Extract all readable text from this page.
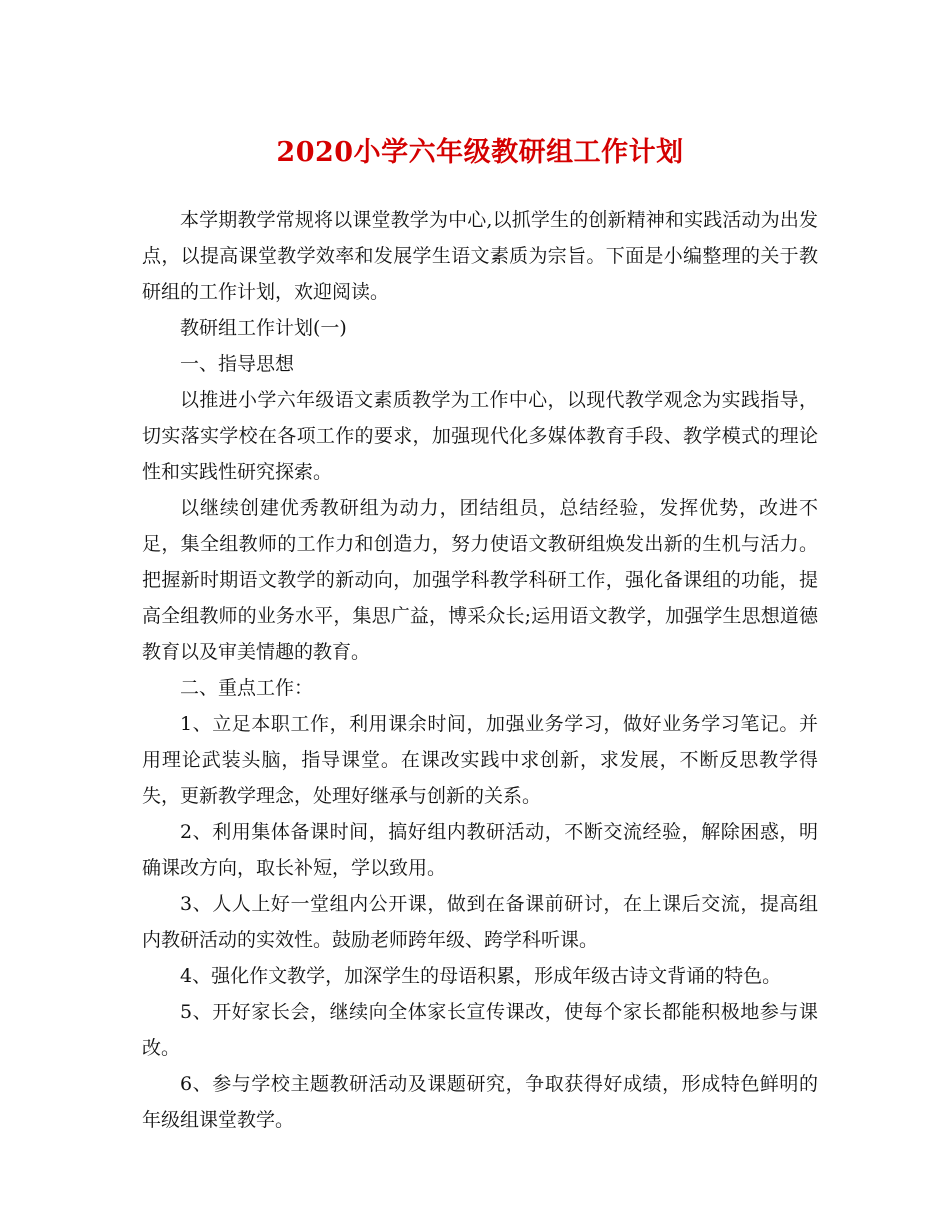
2020小学六年级教研组工作计划

本学期教学常规将以课堂教学为中心,以抓学生的创新精神和实践活动为出发点，以提高课堂教学效率和发展学生语文素质为宗旨。下面是小编整理的关于教研组的工作计划，欢迎阅读。

教研组工作计划(一)

一、指导思想

以推进小学六年级语文素质教学为工作中心，以现代教学观念为实践指导，切实落实学校在各项工作的要求，加强现代化多媒体教育手段、教学模式的理论性和实践性研究探索。

以继续创建优秀教研组为动力，团结组员，总结经验，发挥优势，改进不足，集全组教师的工作力和创造力，努力使语文教研组焕发出新的生机与活力。把握新时期语文教学的新动向，加强学科教学科研工作，强化备课组的功能，提高全组教师的业务水平，集思广益，博采众长;运用语文教学，加强学生思想道德教育以及审美情趣的教育。

二、重点工作：

1、立足本职工作，利用课余时间，加强业务学习，做好业务学习笔记。并用理论武装头脑，指导课堂。在课改实践中求创新，求发展，不断反思教学得失，更新教学理念，处理好继承与创新的关系。

2、利用集体备课时间，搞好组内教研活动，不断交流经验，解除困惑，明确课改方向，取长补短，学以致用。

3、人人上好一堂组内公开课，做到在备课前研讨，在上课后交流，提高组内教研活动的实效性。鼓励老师跨年级、跨学科听课。

4、强化作文教学，加深学生的母语积累，形成年级古诗文背诵的特色。

5、开好家长会，继续向全体家长宣传课改，使每个家长都能积极地参与课改。

6、参与学校主题教研活动及课题研究，争取获得好成绩，形成特色鲜明的年级组课堂教学。
